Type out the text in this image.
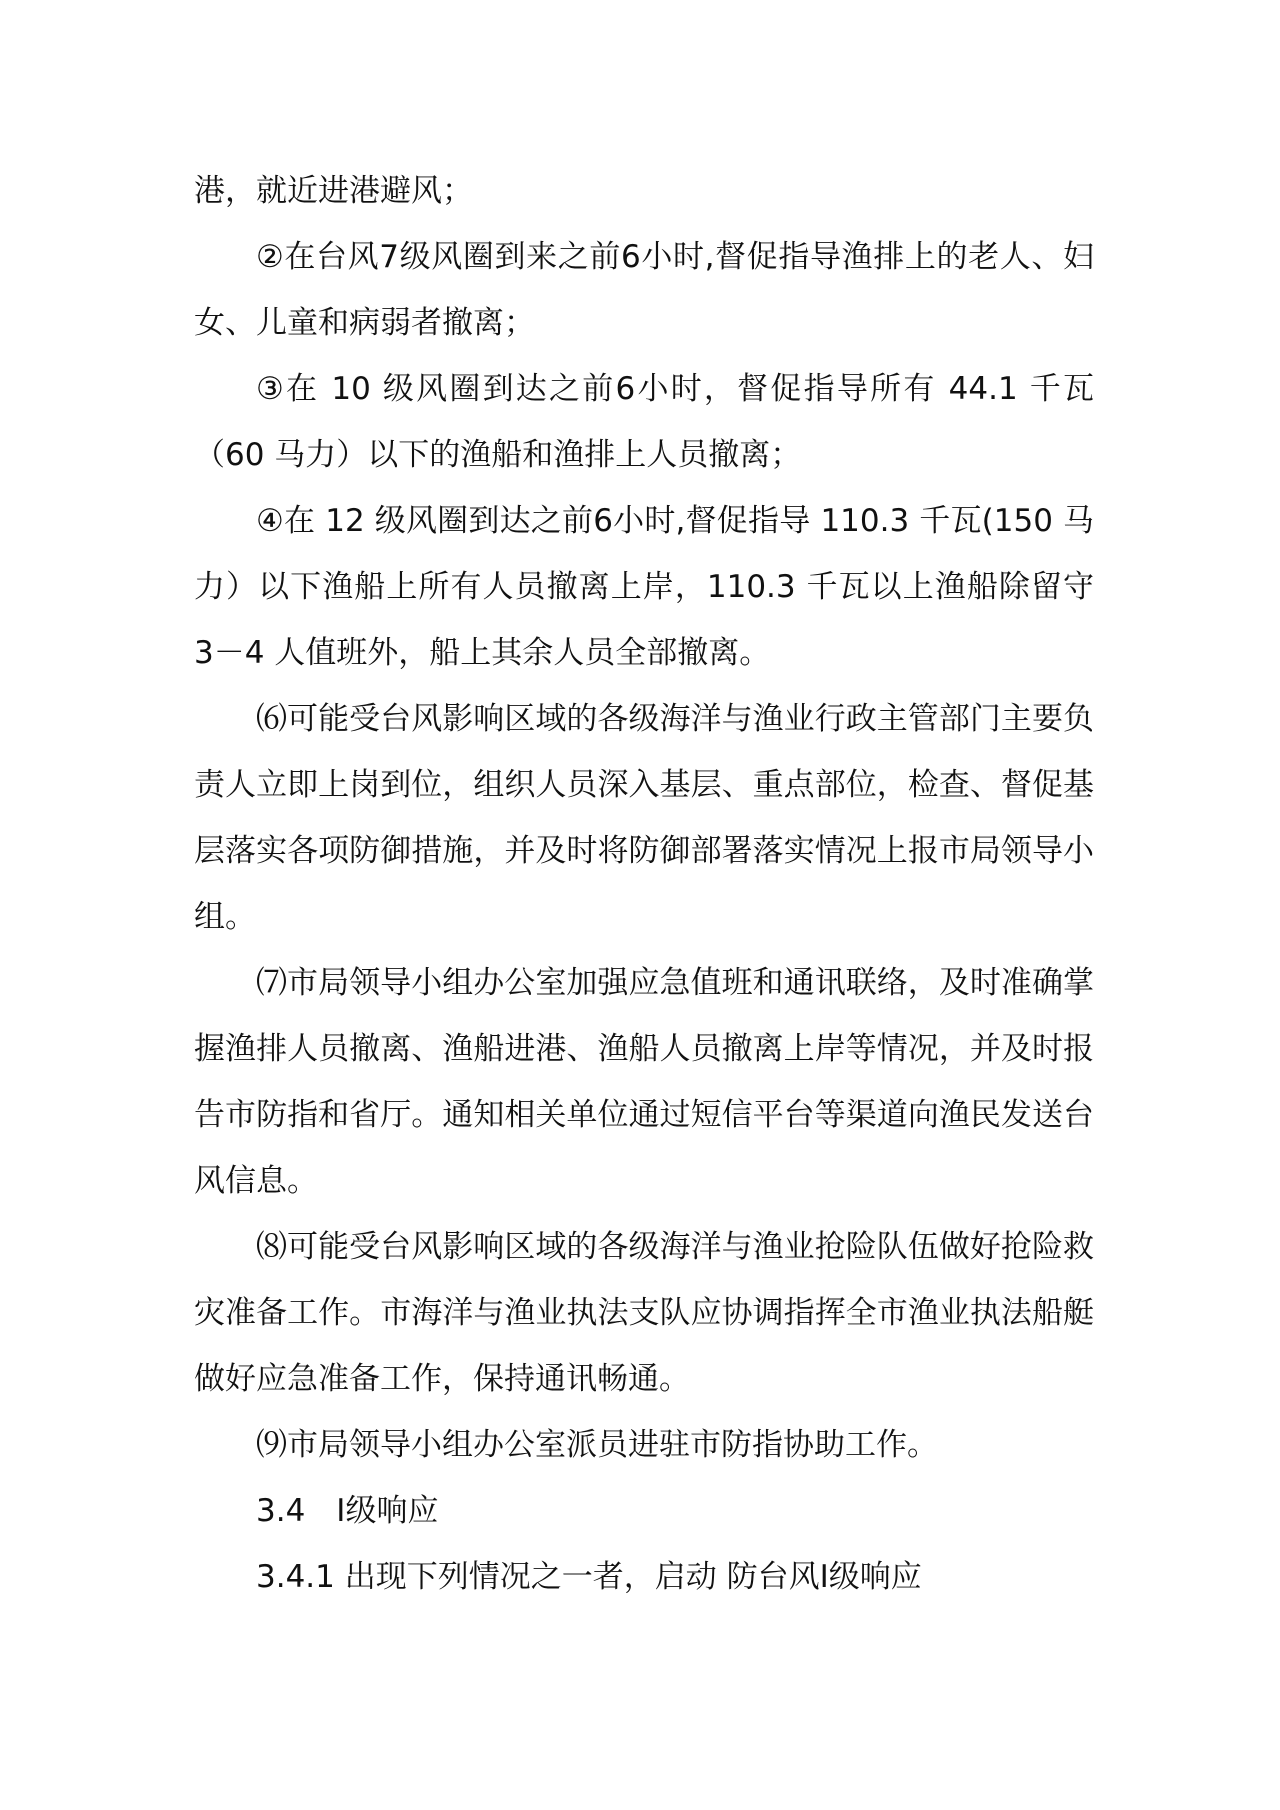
港，就近进港避风；

②在台风7级风圈到来之前6小时,督促指导渔排上的老人、妇女、儿童和病弱者撤离；

③在 10 级风圈到达之前6小时，督促指导所有 44.1 千瓦（60 马力）以下的渔船和渔排上人员撤离；

④在 12 级风圈到达之前6小时,督促指导 110.3 千瓦(150 马力）以下渔船上所有人员撤离上岸，110.3 千瓦以上渔船除留守 3－4 人值班外，船上其余人员全部撤离。

⑹可能受台风影响区域的各级海洋与渔业行政主管部门主要负责人立即上岗到位，组织人员深入基层、重点部位，检查、督促基层落实各项防御措施，并及时将防御部署落实情况上报市局领导小组。

⑺市局领导小组办公室加强应急值班和通讯联络，及时准确掌握渔排人员撤离、渔船进港、渔船人员撤离上岸等情况，并及时报告市防指和省厅。通知相关单位通过短信平台等渠道向渔民发送台风信息。

⑻可能受台风影响区域的各级海洋与渔业抢险队伍做好抢险救灾准备工作。市海洋与渔业执法支队应协调指挥全市渔业执法船艇做好应急准备工作，保持通讯畅通。

⑼市局领导小组办公室派员进驻市防指协助工作。

3.4　Ⅰ级响应

3.4.1 出现下列情况之一者，启动 防台风Ⅰ级响应
